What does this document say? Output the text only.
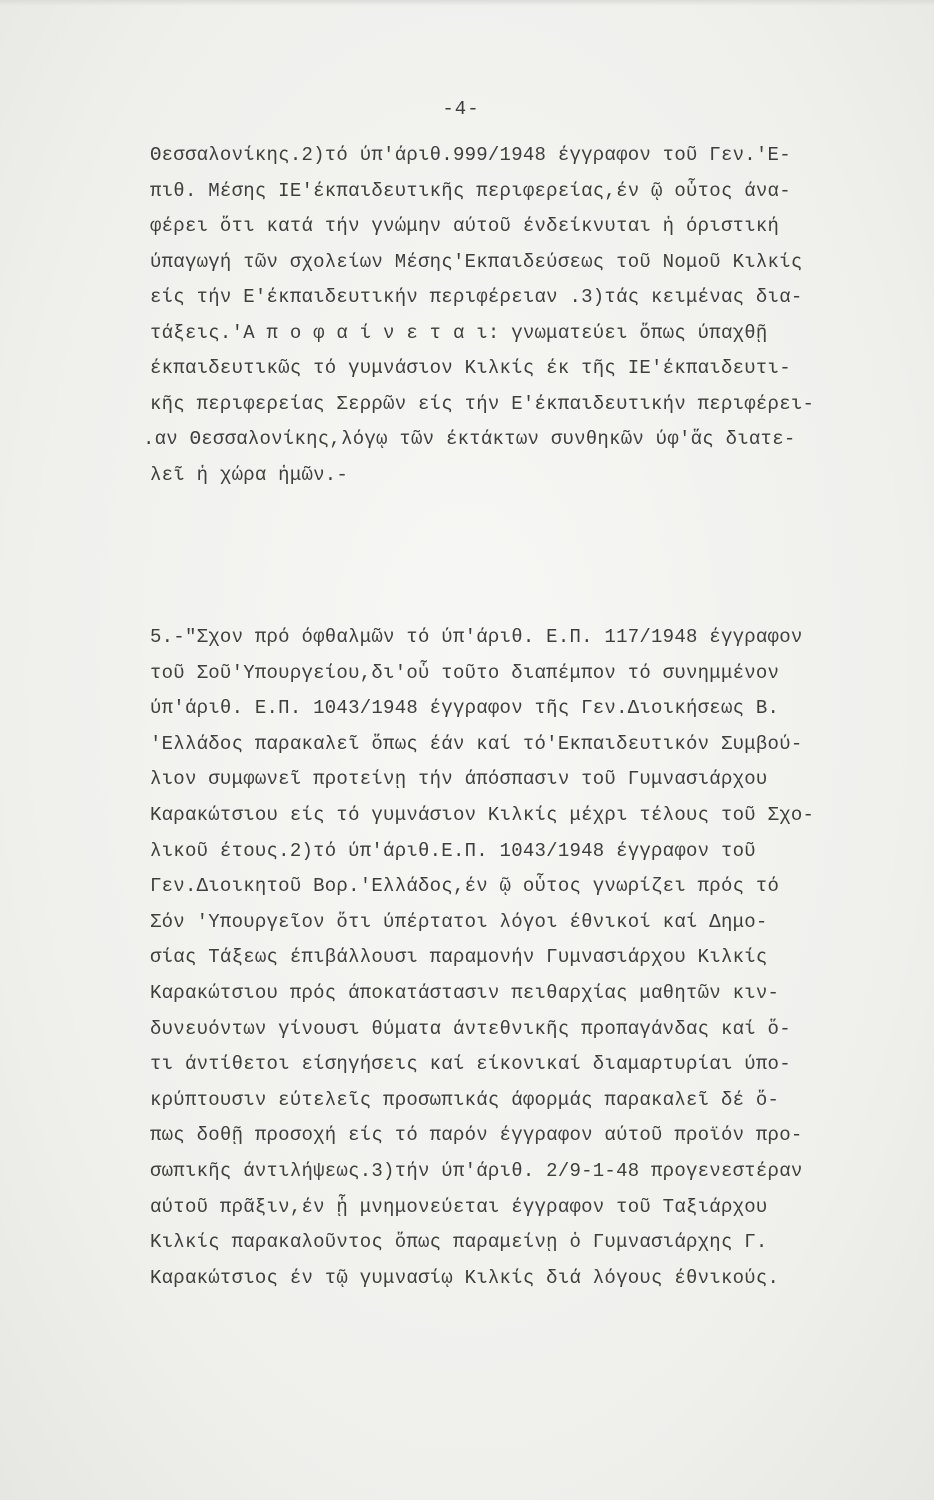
-4-
Θεσσαλονίκης.2)τό ύπ'άριθ.999/1948 έγγραφον τοῦ Γεν.'Ε-
πιθ. Μέσης ΙΕ'έκπαιδευτικῆς περιφερείας,έν ῷ οὗτος άνα-
φέρει ὅτι κατά τήν γνώμην αύτοῦ ένδείκνυται ἡ όριστική
ύπαγωγή τῶν σχολείων Μέσης'Εκπαιδεύσεως τοῦ Νομοῦ Κιλκίς
είς τήν Ε'έκπαιδευτικήν περιφέρειαν .3)τάς κειμένας δια-
τάξεις.'Α π ο φ α ί ν ε τ α ι: γνωματεύει ὅπως ύπαχθῇ
έκπαιδευτικῶς τό γυμνάσιον Κιλκίς έκ τῆς ΙΕ'έκπαιδευτι-
κῆς περιφερείας Σερρῶν είς τήν Ε'έκπαιδευτικήν περιφέρει-
.αν Θεσσαλονίκης,λόγῳ τῶν έκτάκτων συνθηκῶν ύφ'ἅς διατε-
λεῖ ἡ χώρα ἡμῶν.-
5.-"Σχον πρό όφθαλμῶν τό ύπ'άριθ. Ε.Π. 117/1948 έγγραφον
τοῦ Σοῦ'Υπουργείου,δι'οὗ τοῦτο διαπέμπον τό συνημμένον
ύπ'άριθ. Ε.Π. 1043/1948 έγγραφον τῆς Γεν.Διοικήσεως Β.
'Ελλάδος παρακαλεῖ ὅπως έάν καί τό'Εκπαιδευτικόν Συμβού-
λιον συμφωνεῖ προτείνῃ τήν άπόσπασιν τοῦ Γυμνασιάρχου
Καρακώτσιου είς τό γυμνάσιον Κιλκίς μέχρι τέλους τοῦ Σχο-
λικοῦ έτους.2)τό ύπ'άριθ.Ε.Π. 1043/1948 έγγραφον τοῦ
Γεν.Διοικητοῦ Βορ.'Ελλάδος,έν ῷ οὗτος γνωρίζει πρός τό
Σόν 'Υπουργεῖον ὅτι ύπέρτατοι λόγοι έθνικοί καί Δημο-
σίας Τάξεως έπιβάλλουσι παραμονήν Γυμνασιάρχου Κιλκίς
Καρακώτσιου πρός άποκατάστασιν πειθαρχίας μαθητῶν κιν-
δυνευόντων γίνουσι θύματα άντεθνικῆς προπαγάνδας καί ὅ-
τι άντίθετοι είσηγήσεις καί είκονικαί διαμαρτυρίαι ύπο-
κρύπτουσιν εύτελεῖς προσωπικάς άφορμάς παρακαλεῖ δέ ὅ-
πως δοθῇ προσοχή είς τό παρόν έγγραφον αύτοῦ προϊόν προ-
σωπικῆς άντιλήψεως.3)τήν ύπ'άριθ. 2/9-1-48 προγενεστέραν
αύτοῦ πρᾶξιν,έν ᾗ μνημονεύεται έγγραφον τοῦ Ταξιάρχου
Κιλκίς παρακαλοῦντος ὅπως παραμείνῃ ὁ Γυμνασιάρχης Γ.
Καρακώτσιος έν τῷ γυμνασίῳ Κιλκίς διά λόγους έθνικούς.
